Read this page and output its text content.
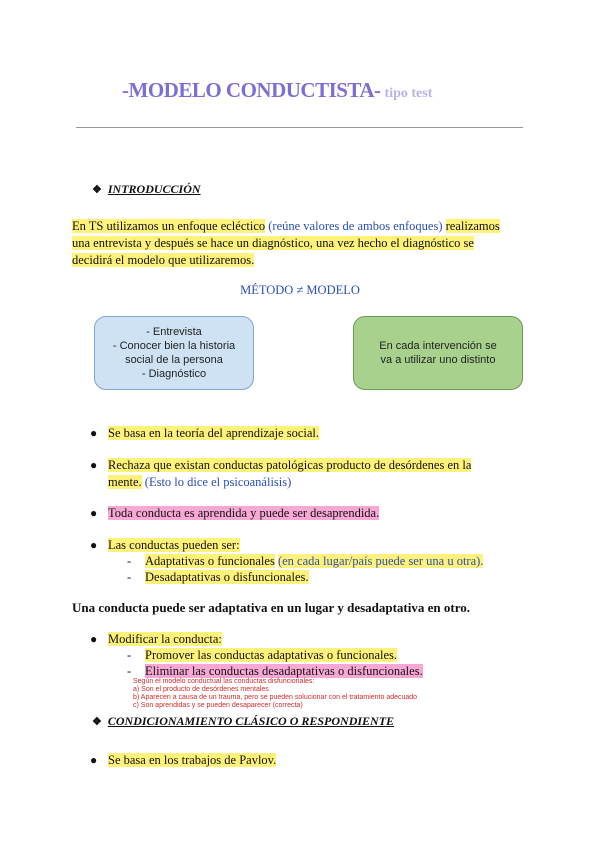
-MODELO CONDUCTISTA- tipo test
❖ INTRODUCCIÓN
En TS utilizamos un enfoque ecléctico (reúne valores de ambos enfoques) realizamos
una entrevista y después se hace un diagnóstico, una vez hecho el diagnóstico se
decidirá el modelo que utilizaremos.
MÉTODO ≠ MODELO
- Entrevista
- Conocer bien la historia
social de la persona
- Diagnóstico
En cada intervención se
va a utilizar uno distinto
● Se basa en la teoría del aprendizaje social.
● Rechaza que existan conductas patológicas producto de desórdenes en la
mente. (Esto lo dice el psicoanálisis)
● Toda conducta es aprendida y puede ser desaprendida.
● Las conductas pueden ser:
- Adaptativas o funcionales (en cada lugar/país puede ser una u otra).
- Desadaptativas o disfuncionales.
Una conducta puede ser adaptativa en un lugar y desadaptativa en otro.
● Modificar la conducta:
- Promover las conductas adaptativas o funcionales.
- Eliminar las conductas desadaptativas o disfuncionales.
Según el modelo conductual las conductas disfuncionales:
a) Son el producto de desórdenes mentales
b) Aparecen a causa de un trauma, pero se pueden solucionar con el tratamiento adecuado
c) Son aprendidas y se pueden desaparecer (correcta)
❖ CONDICIONAMIENTO CLÁSICO O RESPONDIENTE
● Se basa en los trabajos de Pavlov.
